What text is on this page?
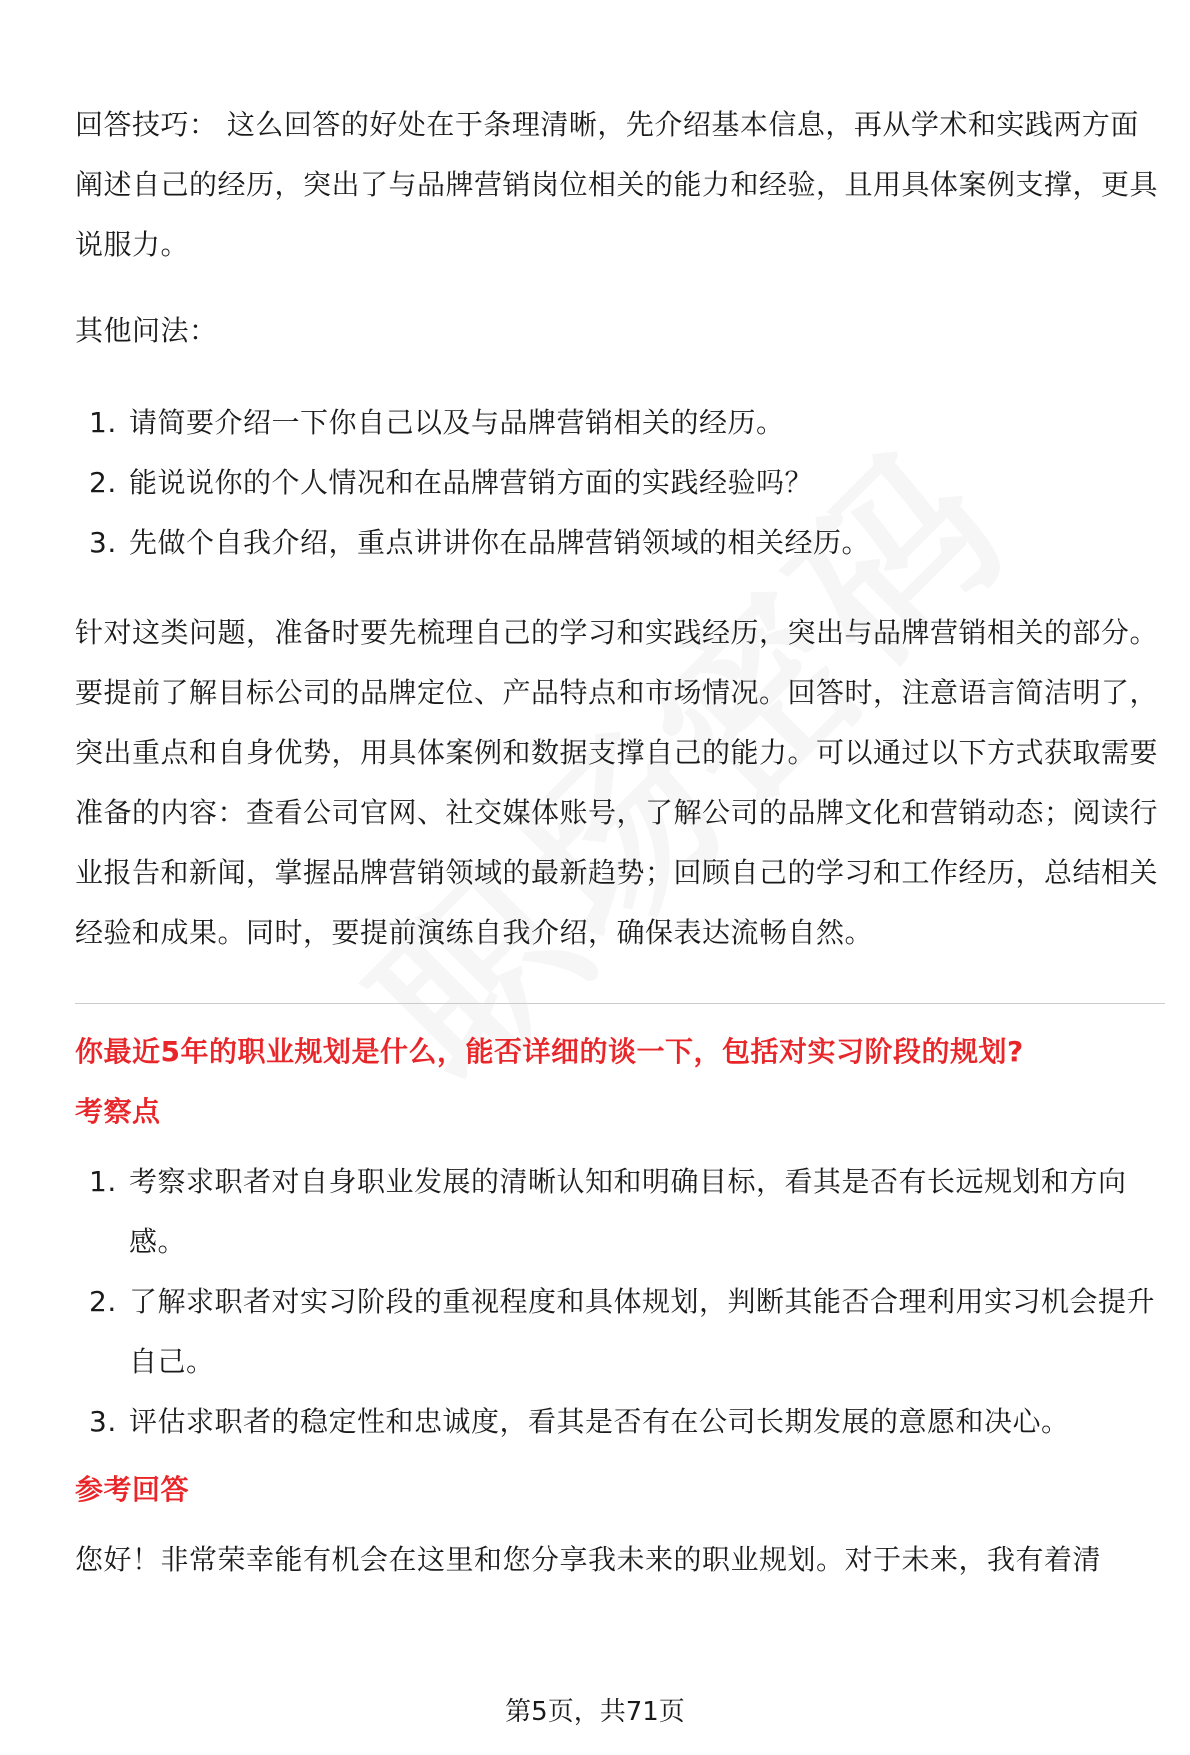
回答技巧： 这么回答的好处在于条理清晰，先介绍基本信息，再从学术和实践两方面阐述自己的经历，突出了与品牌营销岗位相关的能力和经验，且用具体案例支撑，更具说服力。

其他问法：

1. 请简要介绍一下你自己以及与品牌营销相关的经历。
2. 能说说你的个人情况和在品牌营销方面的实践经验吗？
3. 先做个自我介绍，重点讲讲你在品牌营销领域的相关经历。

针对这类问题，准备时要先梳理自己的学习和实践经历，突出与品牌营销相关的部分。要提前了解目标公司的品牌定位、产品特点和市场情况。回答时，注意语言简洁明了，突出重点和自身优势，用具体案例和数据支撑自己的能力。可以通过以下方式获取需要准备的内容：查看公司官网、社交媒体账号，了解公司的品牌文化和营销动态；阅读行业报告和新闻，掌握品牌营销领域的最新趋势；回顾自己的学习和工作经历，总结相关经验和成果。同时，要提前演练自我介绍，确保表达流畅自然。

你最近5年的职业规划是什么，能否详细的谈一下，包括对实习阶段的规划?

考察点

1. 考察求职者对自身职业发展的清晰认知和明确目标，看其是否有长远规划和方向感。
2. 了解求职者对实习阶段的重视程度和具体规划，判断其能否合理利用实习机会提升自己。
3. 评估求职者的稳定性和忠诚度，看其是否有在公司长期发展的意愿和决心。

参考回答

您好！非常荣幸能有机会在这里和您分享我未来的职业规划。对于未来，我有着清

第5页，共71页
